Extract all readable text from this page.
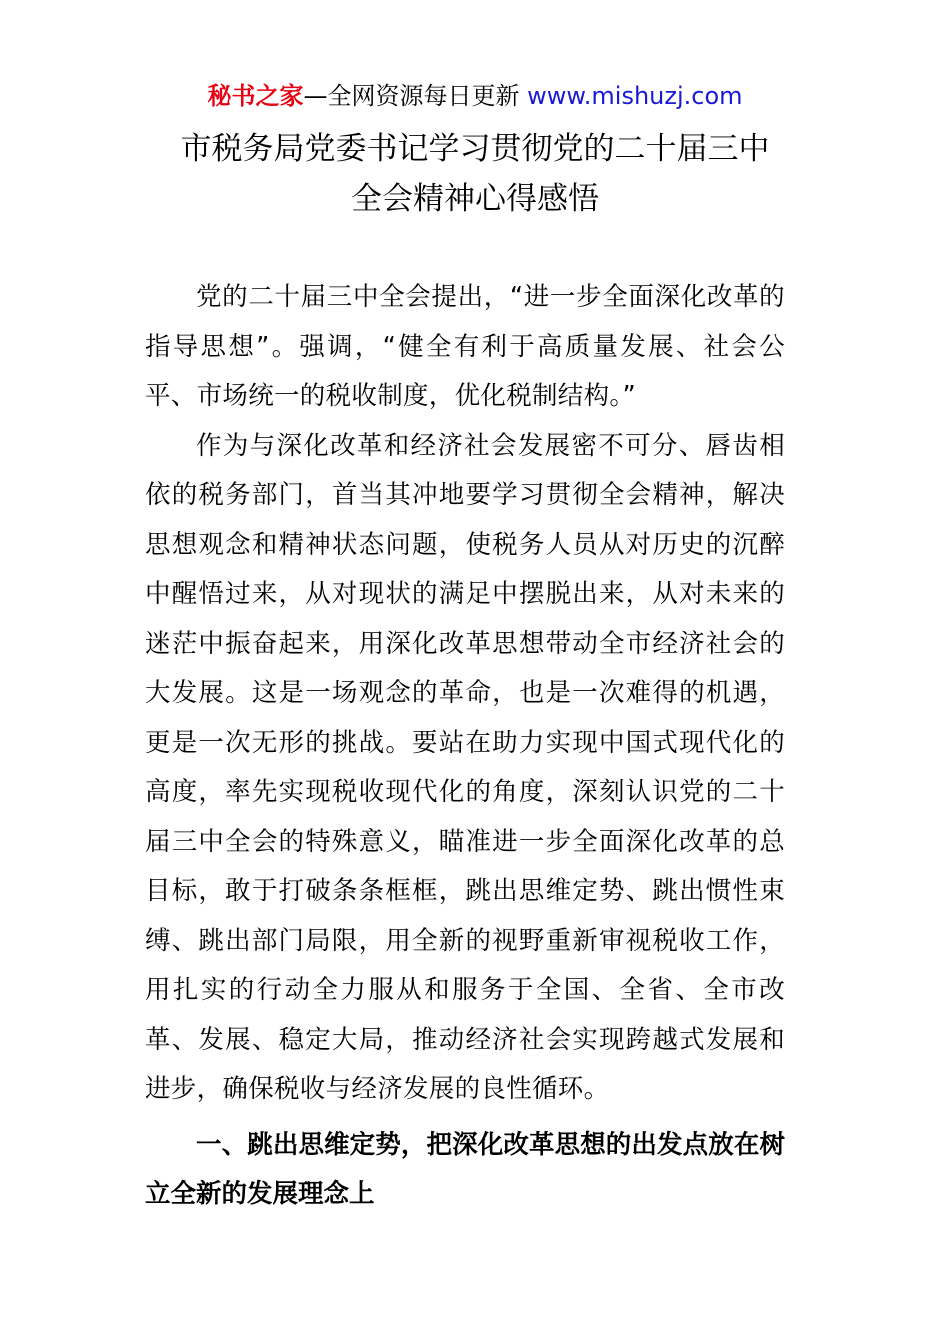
秘书之家—全网资源每日更新 www.mishuzj.com
市税务局党委书记学习贯彻党的二十届三中
全会精神心得感悟

党的二十届三中全会提出，“进一步全面深化改革的指导思想”。强调，“健全有利于高质量发展、社会公平、市场统一的税收制度，优化税制结构。”

作为与深化改革和经济社会发展密不可分、唇齿相依的税务部门，首当其冲地要学习贯彻全会精神，解决思想观念和精神状态问题，使税务人员从对历史的沉醉中醒悟过来，从对现状的满足中摆脱出来，从对未来的迷茫中振奋起来，用深化改革思想带动全市经济社会的大发展。这是一场观念的革命，也是一次难得的机遇，更是一次无形的挑战。要站在助力实现中国式现代化的高度，率先实现税收现代化的角度，深刻认识党的二十届三中全会的特殊意义，瞄准进一步全面深化改革的总目标，敢于打破条条框框，跳出思维定势、跳出惯性束缚、跳出部门局限，用全新的视野重新审视税收工作，用扎实的行动全力服从和服务于全国、全省、全市改革、发展、稳定大局，推动经济社会实现跨越式发展和进步，确保税收与经济发展的良性循环。

一、跳出思维定势，把深化改革思想的出发点放在树立全新的发展理念上
